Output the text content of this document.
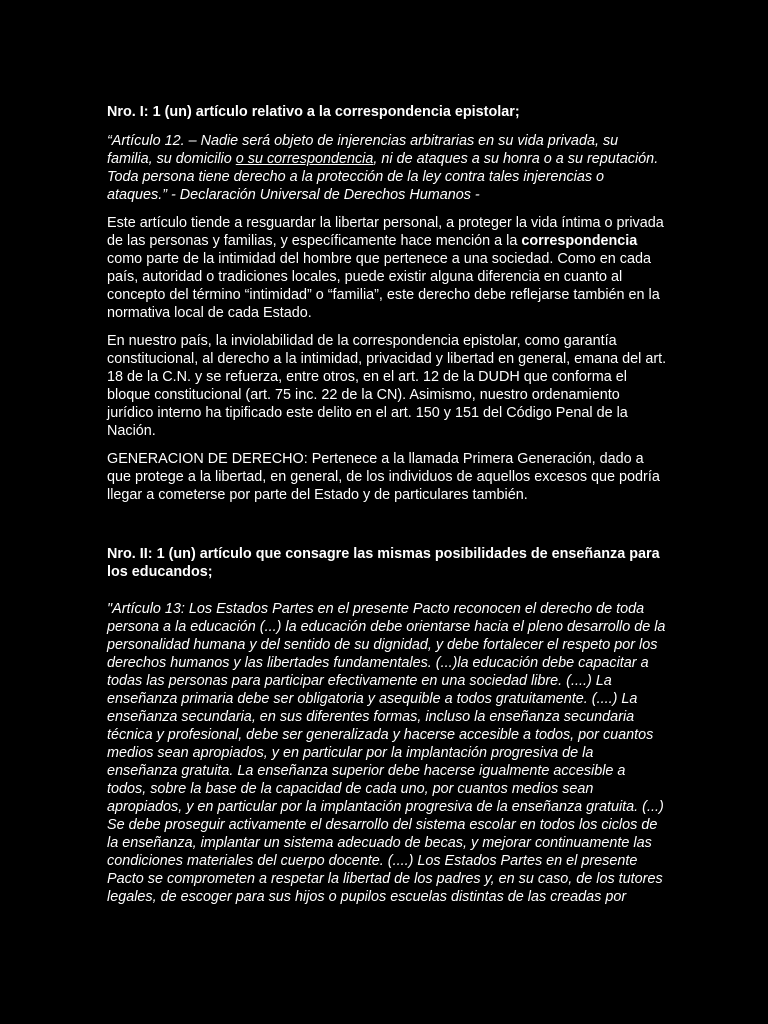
Nro. I: 1 (un) artículo relativo a la correspondencia epistolar;

“Artículo 12. – Nadie será objeto de injerencias arbitrarias en su vida privada, su familia, su domicilio o su correspondencia, ni de ataques a su honra o a su reputación. Toda persona tiene derecho a la protección de la ley contra tales injerencias o ataques.” - Declaración Universal de Derechos Humanos -

Este artículo tiende a resguardar la libertar personal, a proteger la vida íntima o privada de las personas y familias, y específicamente hace mención a la correspondencia como parte de la intimidad del hombre que pertenece a una sociedad. Como en cada país, autoridad o tradiciones locales, puede existir alguna diferencia en cuanto al concepto del término “intimidad” o “familia”, este derecho debe reflejarse también en la normativa local de cada Estado.

En nuestro país, la inviolabilidad de la correspondencia epistolar, como garantía constitucional, al derecho a la intimidad, privacidad y libertad en general, emana del art. 18 de la C.N. y se refuerza, entre otros, en el art. 12 de la DUDH que conforma el bloque constitucional (art. 75 inc. 22 de la CN). Asimismo, nuestro ordenamiento jurídico interno ha tipificado este delito en el art. 150 y 151 del Código Penal de la Nación.

GENERACION DE DERECHO: Pertenece a la llamada Primera Generación, dado a que protege a la libertad, en general, de los individuos de aquellos excesos que podría llegar a cometerse por parte del Estado y de particulares también.

Nro. II: 1 (un) artículo que consagre las mismas posibilidades de enseñanza para los educandos;

"Artículo 13: Los Estados Partes en el presente Pacto reconocen el derecho de toda persona a la educación (...) la educación debe orientarse hacia el pleno desarrollo de la personalidad humana y del sentido de su dignidad, y debe fortalecer el respeto por los derechos humanos y las libertades fundamentales. (...)la educación debe capacitar a todas las personas para participar efectivamente en una sociedad libre. (....) La enseñanza primaria debe ser obligatoria y asequible a todos gratuitamente. (....) La enseñanza secundaria, en sus diferentes formas, incluso la enseñanza secundaria técnica y profesional, debe ser generalizada y hacerse accesible a todos, por cuantos medios sean apropiados, y en particular por la implantación progresiva de la enseñanza gratuita. La enseñanza superior debe hacerse igualmente accesible a todos, sobre la base de la capacidad de cada uno, por cuantos medios sean apropiados, y en particular por la implantación progresiva de la enseñanza gratuita. (...) Se debe proseguir activamente el desarrollo del sistema escolar en todos los ciclos de la enseñanza, implantar un sistema adecuado de becas, y mejorar continuamente las condiciones materiales del cuerpo docente. (....) Los Estados Partes en el presente Pacto se comprometen a respetar la libertad de los padres y, en su caso, de los tutores legales, de escoger para sus hijos o pupilos escuelas distintas de las creadas por
